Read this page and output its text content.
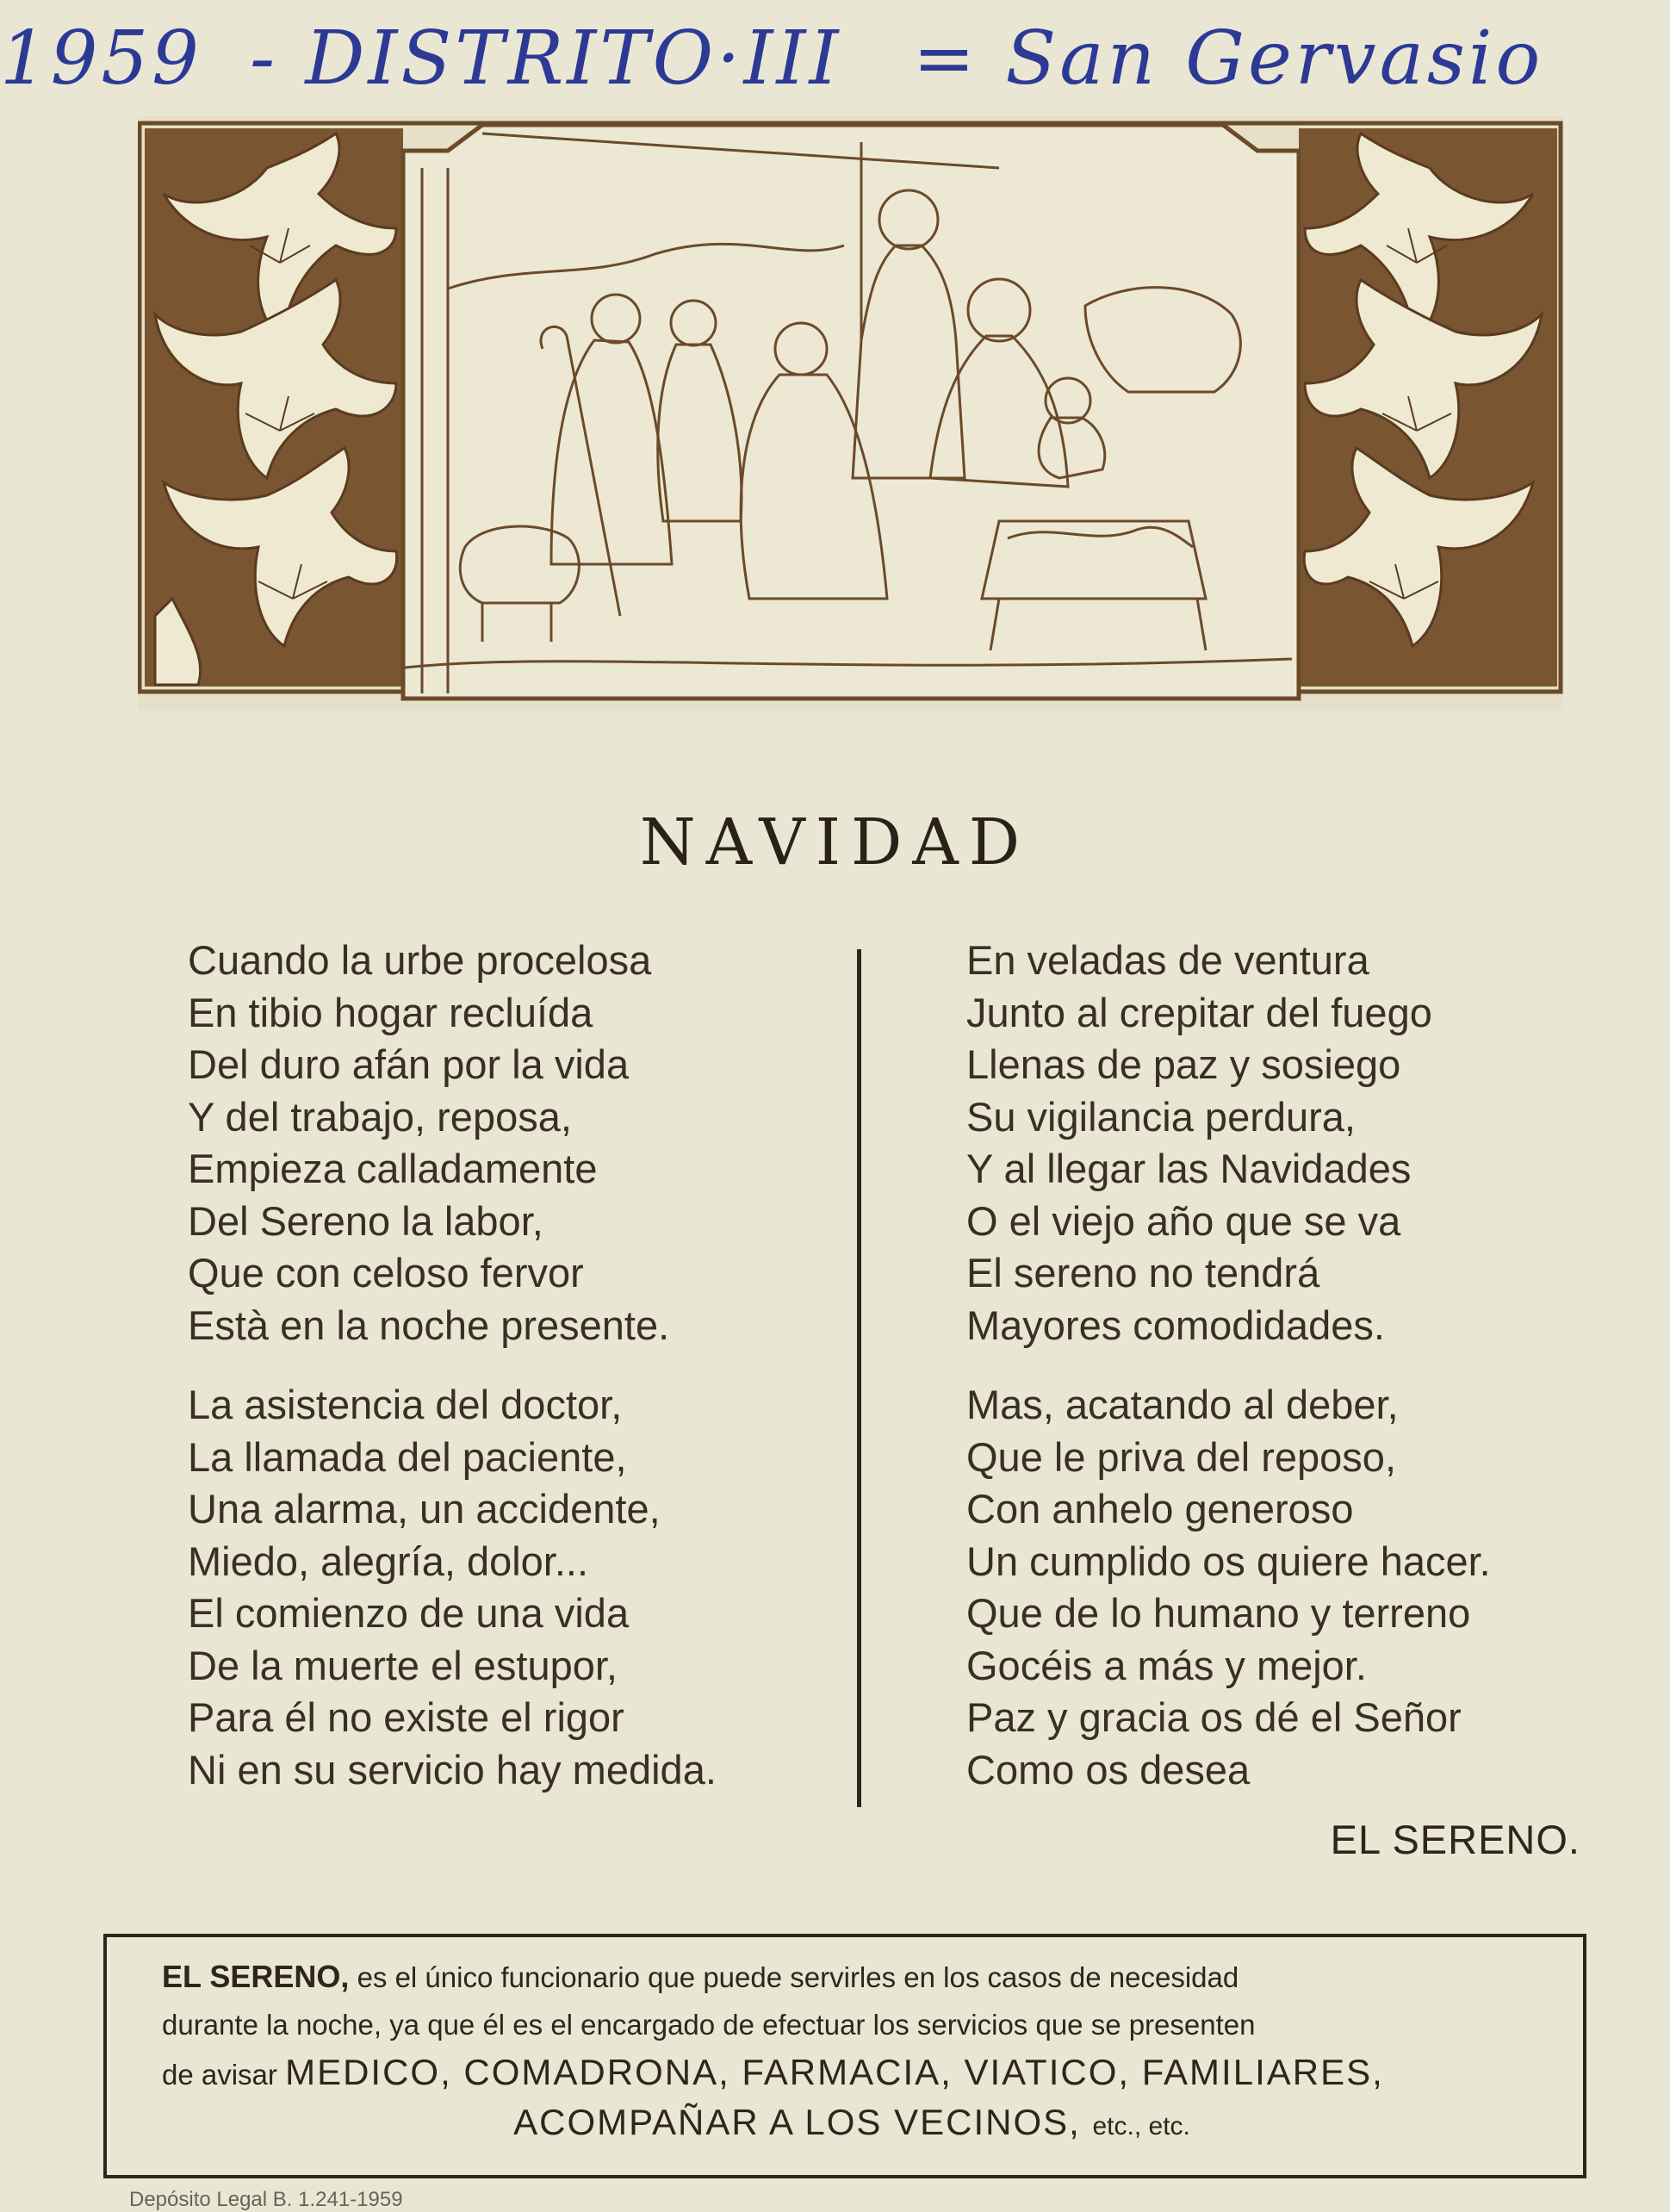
1959 - DISTRITO·III = San Gervasio
NAVIDAD
Cuando la urbe procelosa
En tibio hogar recluída
Del duro afán por la vida
Y del trabajo, reposa,
Empieza calladamente
Del Sereno la labor,
Que con celoso fervor
Està en la noche presente.
La asistencia del doctor,
La llamada del paciente,
Una alarma, un accidente,
Miedo, alegría, dolor...
El comienzo de una vida
De la muerte el estupor,
Para él no existe el rigor
Ni en su servicio hay medida.
En veladas de ventura
Junto al crepitar del fuego
Llenas de paz y sosiego
Su vigilancia perdura,
Y al llegar las Navidades
O el viejo año que se va
El sereno no tendrá
Mayores comodidades.
Mas, acatando al deber,
Que le priva del reposo,
Con anhelo generoso
Un cumplido os quiere hacer.
Que de lo humano y terreno
Gocéis a más y mejor.
Paz y gracia os dé el Señor
Como os desea
EL SERENO.
EL SERENO, es el único funcionario que puede servirles en los casos de necesidad
durante la noche, ya que él es el encargado de efectuar los servicios que se presenten
de avisar MEDICO, COMADRONA, FARMACIA, VIATICO, FAMILIARES,
ACOMPAÑAR A LOS VECINOS, etc., etc.
Depósito Legal B. 1.241-1959
